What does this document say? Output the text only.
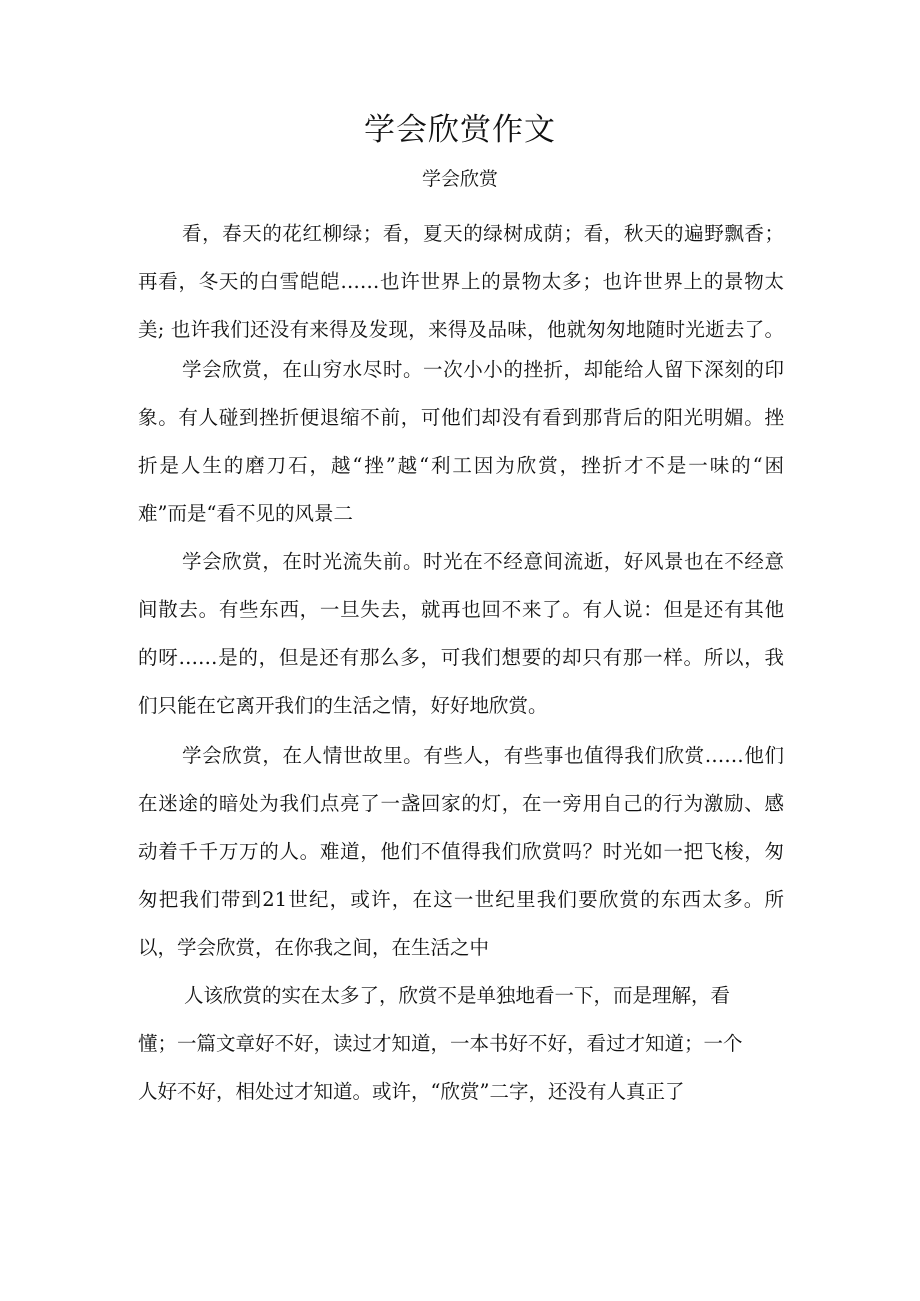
学会欣赏作文
学会欣赏
看，春天的花红柳绿；看，夏天的绿树成荫；看，秋天的遍野飘香；
再看，冬天的白雪皑皑……也许世界上的景物太多；也许世界上的景物太
美; 也许我们还没有来得及发现，来得及品味，他就匆匆地随时光逝去了。
学会欣赏，在山穷水尽时。一次小小的挫折，却能给人留下深刻的印
象。有人碰到挫折便退缩不前，可他们却没有看到那背后的阳光明媚。挫
折是人生的磨刀石，越“挫”越“利工因为欣赏，挫折才不是一味的“困
难”而是“看不见的风景二
学会欣赏，在时光流失前。时光在不经意间流逝，好风景也在不经意
间散去。有些东西，一旦失去，就再也回不来了。有人说：但是还有其他
的呀……是的，但是还有那么多，可我们想要的却只有那一样。所以，我
们只能在它离开我们的生活之情，好好地欣赏。
学会欣赏，在人情世故里。有些人，有些事也值得我们欣赏……他们
在迷途的暗处为我们点亮了一盏回家的灯，在一旁用自己的行为激励、感
动着千千万万的人。难道，他们不值得我们欣赏吗？时光如一把飞梭，匆
匆把我们带到21世纪，或许，在这一世纪里我们要欣赏的东西太多。所
以，学会欣赏，在你我之间，在生活之中
人该欣赏的实在太多了，欣赏不是单独地看一下，而是理解，看
懂；一篇文章好不好，读过才知道，一本书好不好，看过才知道；一个
人好不好，相处过才知道。或许，“欣赏”二字，还没有人真正了
